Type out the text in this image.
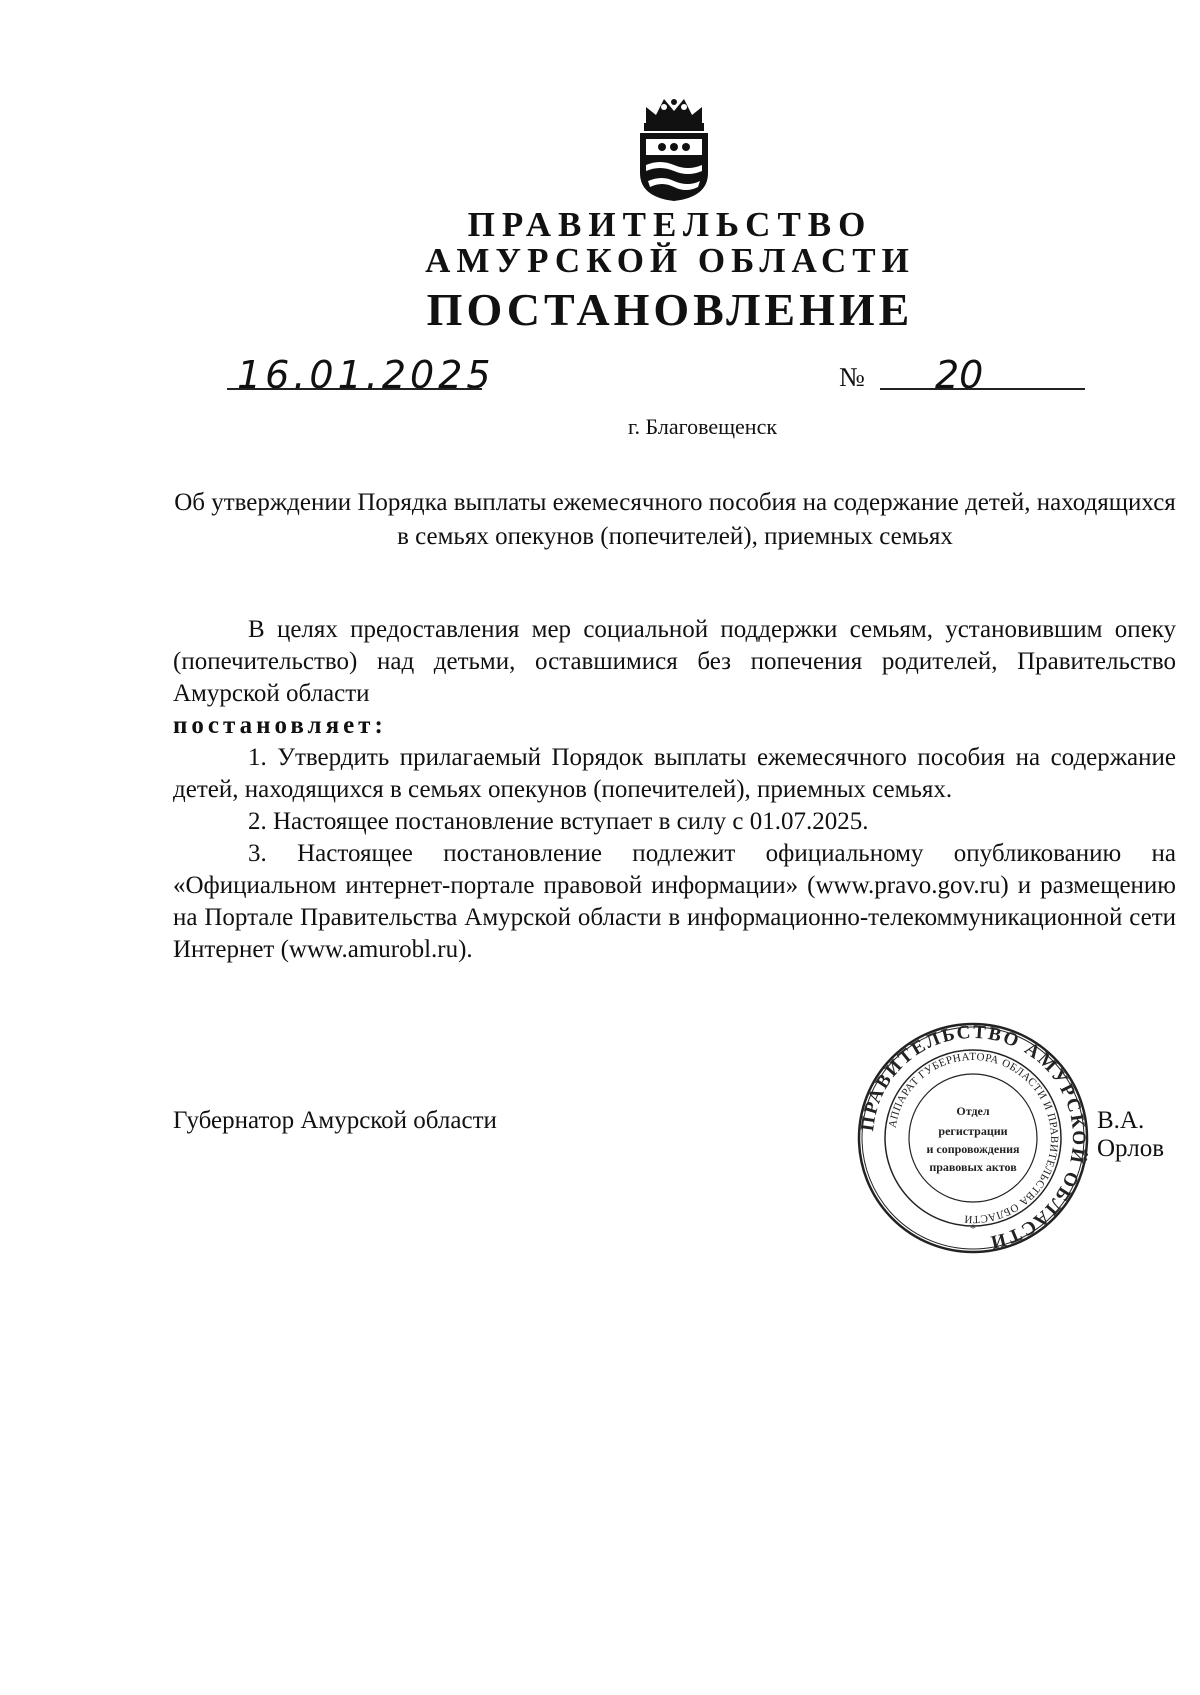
ПРАВИТЕЛЬСТВО
АМУРСКОЙ ОБЛАСТИ
ПОСТАНОВЛЕНИЕ
16.01.2025	№ 20
г. Благовещенск
Об утверждении Порядка выплаты ежемесячного пособия на содержание детей, находящихся в семьях опекунов (попечителей), приемных семьях

В целях предоставления мер социальной поддержки семьям, установившим опеку (попечительство) над детьми, оставшимися без попечения родителей, Правительство Амурской области

постановляет:

1. Утвердить прилагаемый Порядок выплаты ежемесячного пособия на содержание детей, находящихся в семьях опекунов (попечителей), приемных семьях.

2. Настоящее постановление вступает в силу с 01.07.2025.

3. Настоящее постановление подлежит официальному опубликованию на «Официальном интернет-портале правовой информации» (www.pravo.gov.ru) и размещению на Портале Правительства Амурской области в информационно-телекоммуникационной сети Интернет (www.amurobl.ru).

Губернатор Амурской области	В.А. Орлов
ПРАВИТЕЛЬСТВО АМУРСКОЙ ОБЛАСТИ
АППАРАТ ГУБЕРНАТОРА ОБЛАСТИ И ПРАВИТЕЛЬСТВА ОБЛАСТИ
Отдел
регистрации
и сопровождения
правовых актов
*
